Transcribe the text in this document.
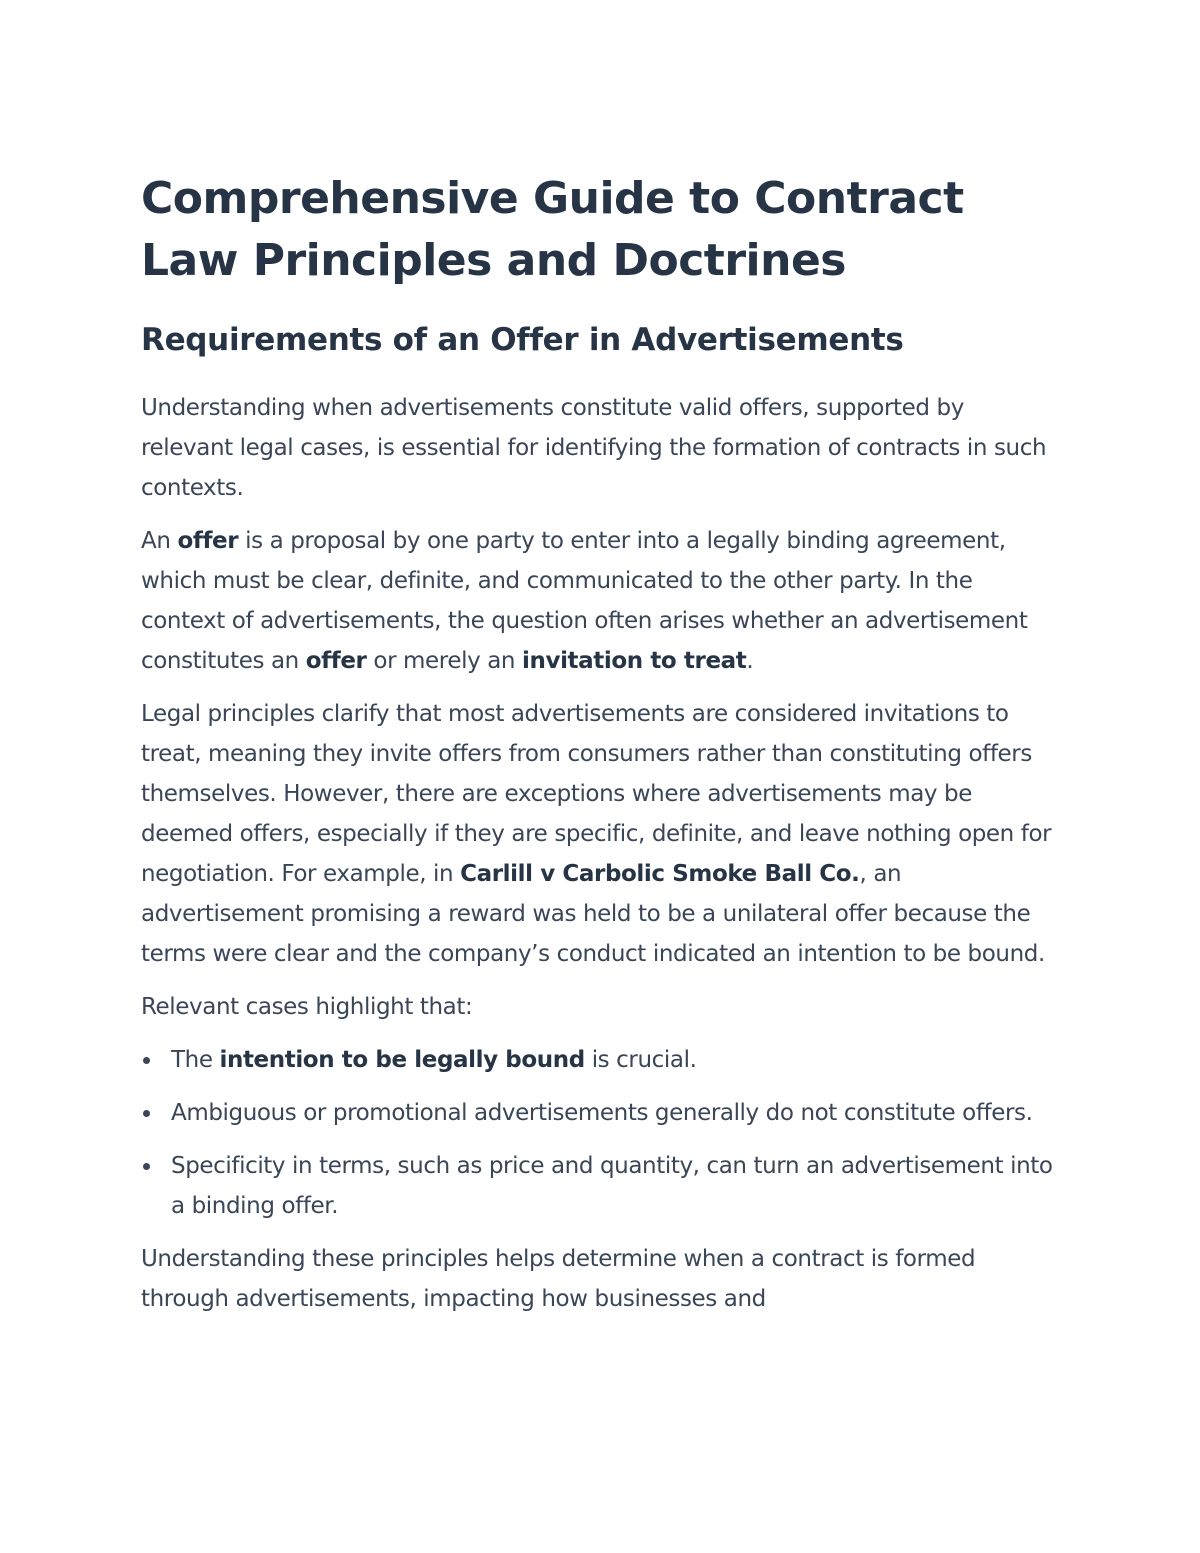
Comprehensive Guide to Contract Law Principles and Doctrines
Requirements of an Offer in Advertisements

Understanding when advertisements constitute valid offers, supported by relevant legal cases, is essential for identifying the formation of contracts in such contexts.

An offer is a proposal by one party to enter into a legally binding agreement, which must be clear, definite, and communicated to the other party. In the context of advertisements, the question often arises whether an advertisement constitutes an offer or merely an invitation to treat.

Legal principles clarify that most advertisements are considered invitations to treat, meaning they invite offers from consumers rather than constituting offers themselves. However, there are exceptions where advertisements may be deemed offers, especially if they are specific, definite, and leave nothing open for negotiation. For example, in Carlill v Carbolic Smoke Ball Co., an advertisement promising a reward was held to be a unilateral offer because the terms were clear and the company’s conduct indicated an intention to be bound.

Relevant cases highlight that:

The intention to be legally bound is crucial.
Ambiguous or promotional advertisements generally do not constitute offers.
Specificity in terms, such as price and quantity, can turn an advertisement into a binding offer.

Understanding these principles helps determine when a contract is formed through advertisements, impacting how businesses and
